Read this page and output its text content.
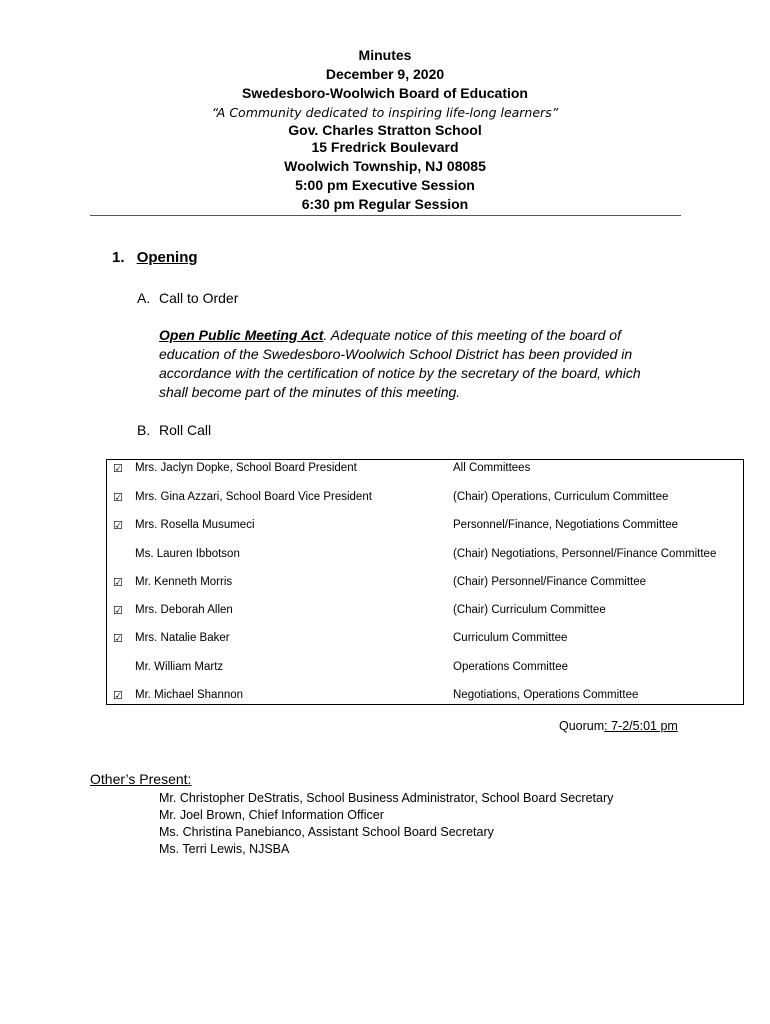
Minutes
December 9, 2020
Swedesboro-Woolwich Board of Education
“A Community dedicated to inspiring life-long learners”
Gov. Charles Stratton School
15 Fredrick Boulevard
Woolwich Township, NJ 08085
5:00 pm Executive Session
6:30 pm Regular Session
1. Opening
A. Call to Order
Open Public Meeting Act. Adequate notice of this meeting of the board of education of the Swedesboro-Woolwich School District has been provided in accordance with the certification of notice by the secretary of the board, which shall become part of the minutes of this meeting.
B. Roll Call
☑ Mrs. Jaclyn Dopke, School Board President	All Committees
☑ Mrs. Gina Azzari, School Board Vice President	(Chair) Operations, Curriculum Committee
☑ Mrs. Rosella Musumeci	Personnel/Finance, Negotiations Committee
Ms. Lauren Ibbotson	(Chair) Negotiations, Personnel/Finance Committee
☑ Mr. Kenneth Morris	(Chair) Personnel/Finance Committee
☑ Mrs. Deborah Allen	(Chair) Curriculum Committee
☑ Mrs. Natalie Baker	Curriculum Committee
Mr. William Martz	Operations Committee
☑ Mr. Michael Shannon	Negotiations, Operations Committee
Quorum: 7-2/5:01 pm
Other’s Present:
Mr. Christopher DeStratis, School Business Administrator, School Board Secretary
Mr. Joel Brown, Chief Information Officer
Ms. Christina Panebianco, Assistant School Board Secretary
Ms. Terri Lewis, NJSBA
